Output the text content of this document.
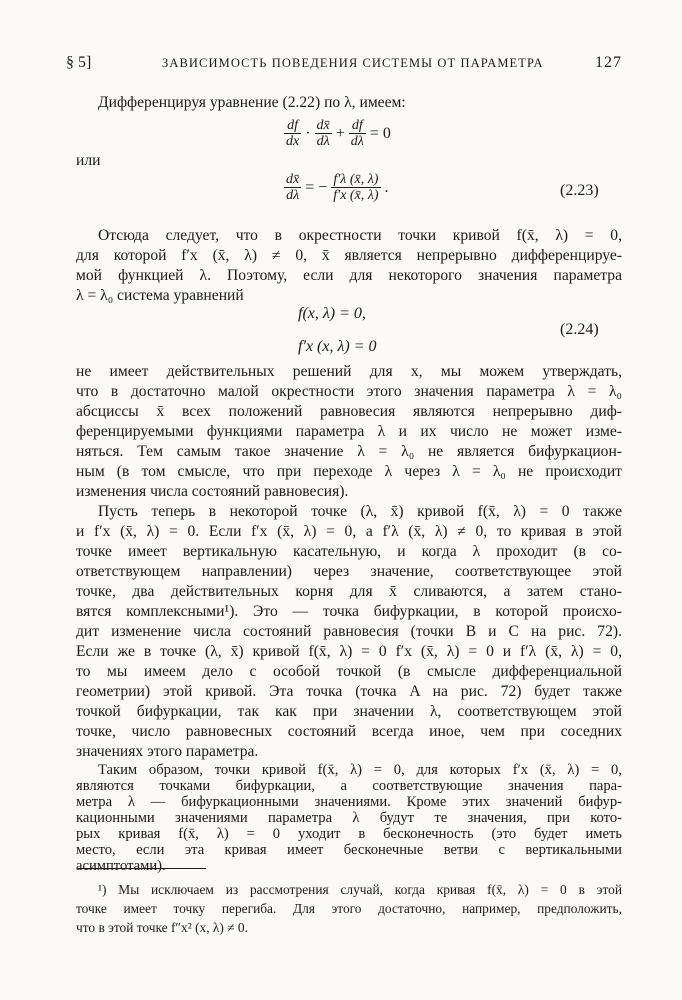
§ 5]	ЗАВИСИМОСТЬ ПОВЕДЕНИЯ СИСТЕМЫ ОТ ПАРАМЕТРА	127
Дифференцируя уравнение (2.22) по λ, имеем:
$\frac{df}{dx} \cdot \frac{dx̄}{d\lambda} + \frac{df}{d\lambda} = 0$
или
$\frac{dx̄}{d\lambda}$ = − $\frac{f'\lambda (x̄, \lambda)}{f'x (x̄, \lambda)}$ .	(2.23)
Отсюда следует, что в окрестности точки кривой f(x̄, λ) = 0,
для которой f′x (x̄, λ) ≠ 0, x̄ является непрерывно дифференцируе-
мой функцией λ. Поэтому, если для некоторого значения параметра
λ = λ₀ система уравнений
f(x, λ) = 0,
f′x (x, λ) = 0
(2.24)
не имеет действительных решений для x, мы можем утверждать,
что в достаточно малой окрестности этого значения параметра λ = λ₀
абсциссы x̄ всех положений равновесия являются непрерывно диф-
ференцируемыми функциями параметра λ и их число не может изме-
няться. Тем самым такое значение λ = λ₀ не является бифуркацион-
ным (в том смысле, что при переходе λ через λ = λ₀ не происходит
изменения числа состояний равновесия).
Пусть теперь в некоторой точке (λ, x̄) кривой f(x̄, λ) = 0 также
и f′x (x̄, λ) = 0. Если f′x (x̄, λ) = 0, а f′λ (x̄, λ) ≠ 0, то кривая в этой
точке имеет вертикальную касательную, и когда λ проходит (в со-
ответствующем направлении) через значение, соответствующее этой
точке, два действительных корня для x̄ сливаются, а затем стано-
вятся комплексными¹). Это — точка бифуркации, в которой происхо-
дит изменение числа состояний равновесия (точки B и C на рис. 72).
Если же в точке (λ, x̄) кривой f(x̄, λ) = 0 f′x (x̄, λ) = 0 и f′λ (x̄, λ) = 0,
то мы имеем дело с особой точкой (в смысле дифференциальной
геометрии) этой кривой. Эта точка (точка A на рис. 72) будет также
точкой бифуркации, так как при значении λ, соответствующем этой
точке, число равновесных состояний всегда иное, чем при соседних
значениях этого параметра.
Таким образом, точки кривой f(x̄, λ) = 0, для которых f′x (x̄, λ) = 0,
являются точками бифуркации, а соответствующие значения пара-
метра λ — бифуркационными значениями. Кроме этих значений бифур-
кационными значениями параметра λ будут те значения, при кото-
рых кривая f(x̄, λ) = 0 уходит в бесконечность (это будет иметь
¹) Мы исключаем из рассмотрения случай, когда кривая f(x̄, λ) = 0 в этой
точке имеет точку перегиба. Для этого достаточно, например, предположить,
что в этой точке f″x² (x, λ) ≠ 0.
место, если эта кривая имеет бесконечные ветви с вертикальными
асимптотами).
